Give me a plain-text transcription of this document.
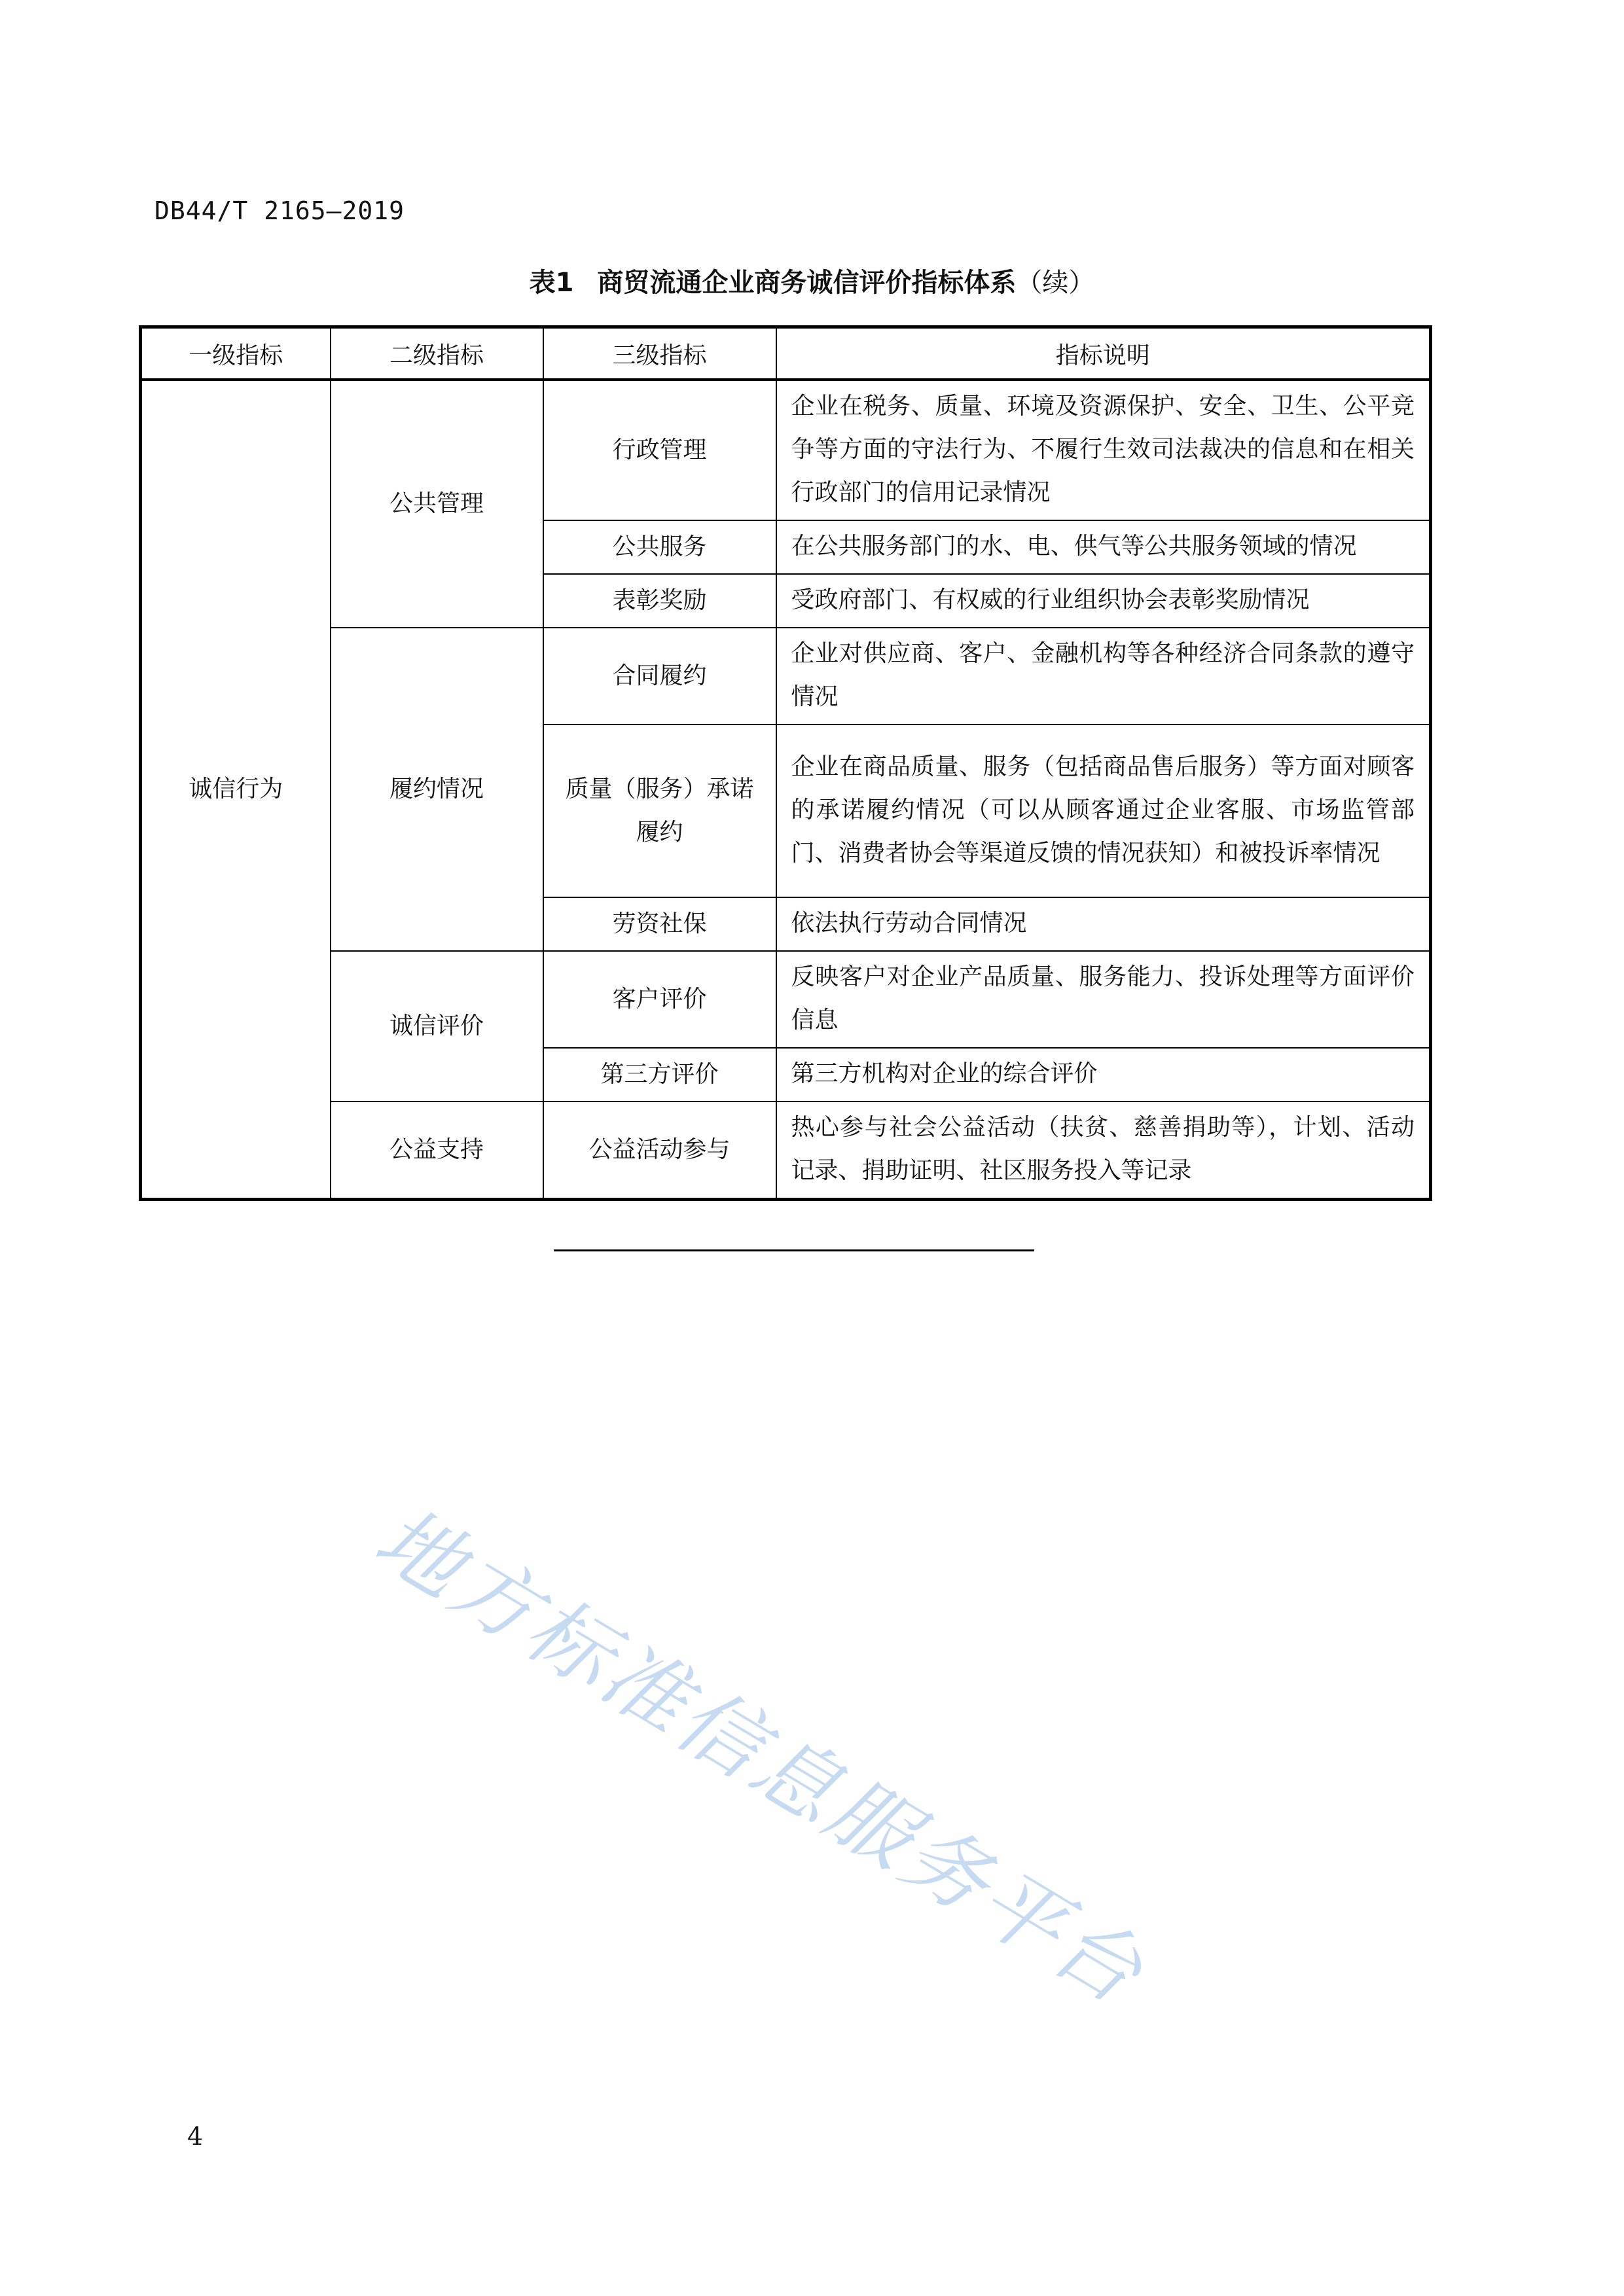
DB44/T 2165—2019
表1 商贸流通企业商务诚信评价指标体系（续）
一级指标	二级指标	三级指标	指标说明
诚信行为	公共管理	行政管理	企业在税务、质量、环境及资源保护、安全、卫生、公平竞争等方面的守法行为、不履行生效司法裁决的信息和在相关行政部门的信用记录情况
		公共服务	在公共服务部门的水、电、供气等公共服务领域的情况
		表彰奖励	受政府部门、有权威的行业组织协会表彰奖励情况
	履约情况	合同履约	企业对供应商、客户、金融机构等各种经济合同条款的遵守情况
		质量（服务）承诺履约	企业在商品质量、服务（包括商品售后服务）等方面对顾客的承诺履约情况（可以从顾客通过企业客服、市场监管部门、消费者协会等渠道反馈的情况获知）和被投诉率情况
		劳资社保	依法执行劳动合同情况
	诚信评价	客户评价	反映客户对企业产品质量、服务能力、投诉处理等方面评价信息
		第三方评价	第三方机构对企业的综合评价
	公益支持	公益活动参与	热心参与社会公益活动（扶贫、慈善捐助等），计划、活动记录、捐助证明、社区服务投入等记录
地方标准信息服务平台
4
